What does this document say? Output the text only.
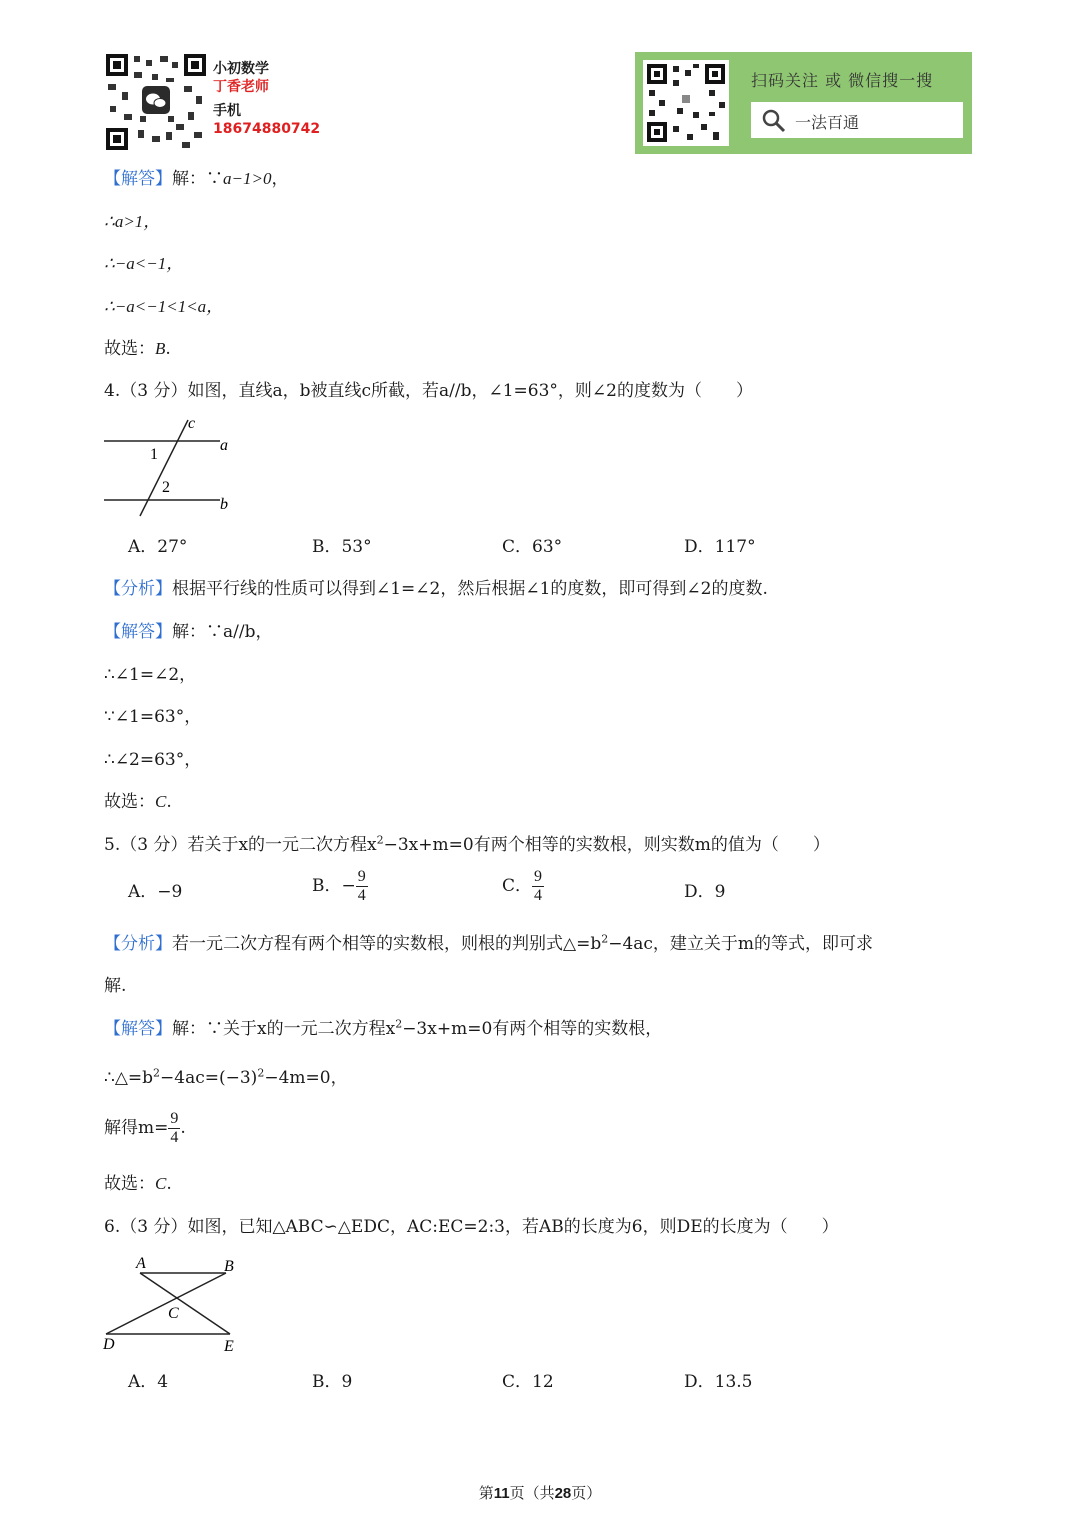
小初数学
丁香老师
手机
18674880742
扫码关注 或 微信搜一搜
一法百通
【解答】解：∵a−1>0，
∴a>1，
∴−a<−1，
∴−a<−1<1<a，
故选：B.
4.（3 分）如图，直线a，b被直线c所截，若a//b，∠1=63°，则∠2的度数为（　　）
c
a
1
2
b
A．27°	B．53°	C．63°	D．117°
【分析】根据平行线的性质可以得到∠1=∠2，然后根据∠1的度数，即可得到∠2的度数.
【解答】解：∵a//b，
∴∠1=∠2，
∵∠1=63°，
∴∠2=63°，
故选：C.
5.（3 分）若关于x的一元二次方程$x^2-3x+m=0$有两个相等的实数根，则实数m的值为（　　）
A．−9	B．− $\frac{9}{4}$	C． $\frac{9}{4}$	D．9
【分析】若一元二次方程有两个相等的实数根，则根的判别式$\triangle=b^2-4ac$，建立关于m的等式，即可求
解.
【解答】解：∵关于x的一元二次方程$x^2-3x+m=0$有两个相等的实数根，
$\therefore\triangle=b^2-4ac=(-3)^2-4m=0$，
解得$m= \frac{9}{4}$ .
故选：C.
6.（3 分）如图，已知△ABC∽△EDC，AC:EC=2:3，若AB的长度为6，则DE的长度为（　　）
A	B
C
D	E
A．4	B．9	C．12	D．13.5
第11页（共28页）
